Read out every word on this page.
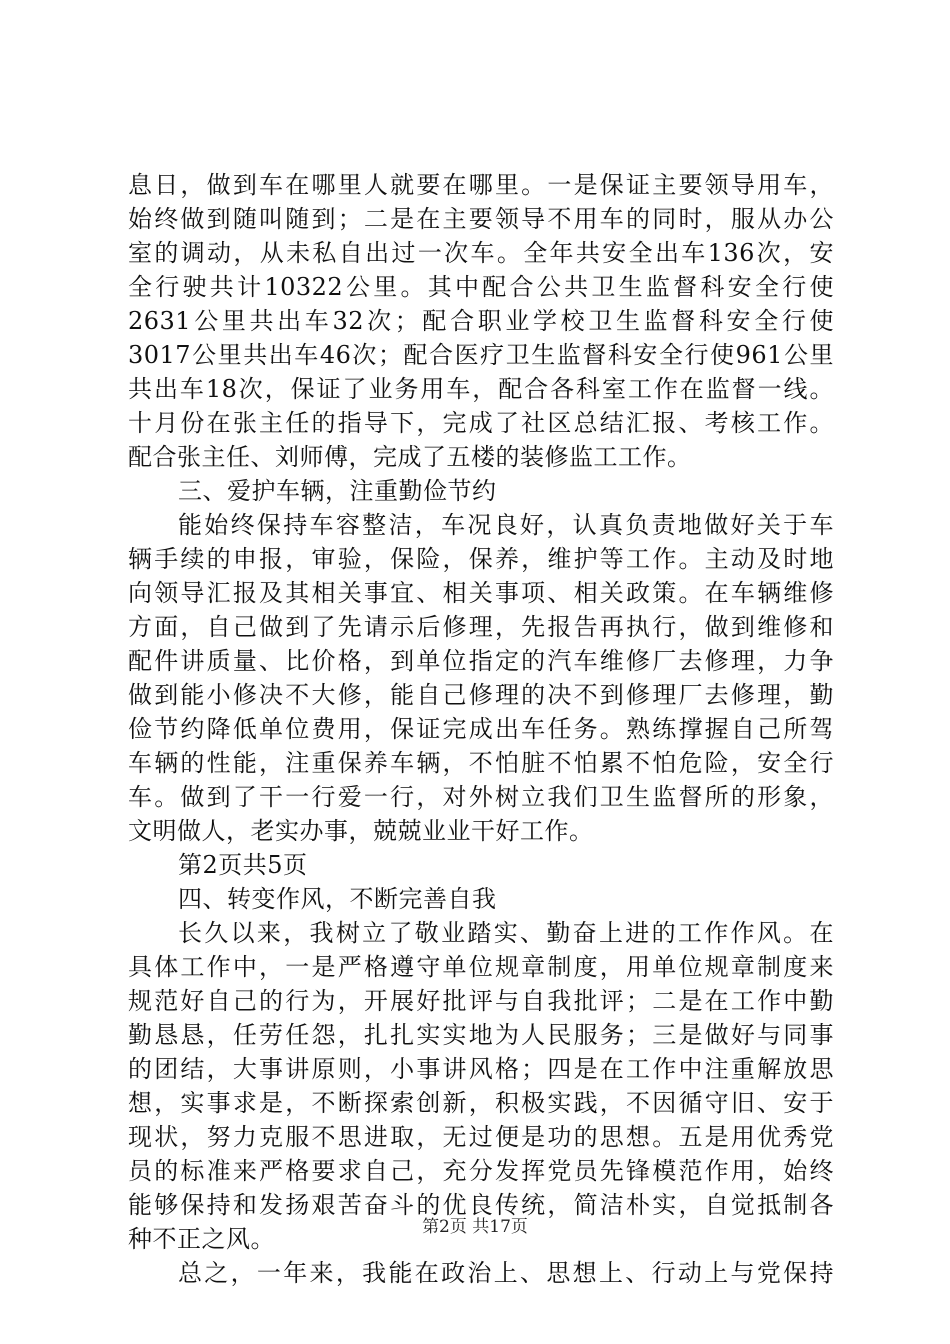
息日，做到车在哪里人就要在哪里。一是保证主要领导用车，
始终做到随叫随到；二是在主要领导不用车的同时，服从办公
室的调动，从未私自出过一次车。全年共安全出车136次，安
全行驶共计10322公里。其中配合公共卫生监督科安全行使
2631公里共出车32次；配合职业学校卫生监督科安全行使
3017公里共出车46次；配合医疗卫生监督科安全行使961公里
共出车18次，保证了业务用车，配合各科室工作在监督一线。
十月份在张主任的指导下，完成了社区总结汇报、考核工作。
配合张主任、刘师傅，完成了五楼的装修监工工作。
三、爱护车辆，注重勤俭节约
能始终保持车容整洁，车况良好，认真负责地做好关于车
辆手续的申报，审验，保险，保养，维护等工作。主动及时地
向领导汇报及其相关事宜、相关事项、相关政策。在车辆维修
方面，自己做到了先请示后修理，先报告再执行，做到维修和
配件讲质量、比价格，到单位指定的汽车维修厂去修理，力争
做到能小修决不大修，能自己修理的决不到修理厂去修理，勤
俭节约降低单位费用，保证完成出车任务。熟练撑握自己所驾
车辆的性能，注重保养车辆，不怕脏不怕累不怕危险，安全行
车。做到了干一行爱一行，对外树立我们卫生监督所的形象，
文明做人，老实办事，兢兢业业干好工作。
第2页共5页
四、转变作风，不断完善自我
长久以来，我树立了敬业踏实、勤奋上进的工作作风。在
具体工作中，一是严格遵守单位规章制度，用单位规章制度来
规范好自己的行为，开展好批评与自我批评；二是在工作中勤
勤恳恳，任劳任怨，扎扎实实地为人民服务；三是做好与同事
的团结，大事讲原则，小事讲风格；四是在工作中注重解放思
想，实事求是，不断探索创新，积极实践，不因循守旧、安于
现状，努力克服不思进取，无过便是功的思想。五是用优秀党
员的标准来严格要求自己，充分发挥党员先锋模范作用，始终
能够保持和发扬艰苦奋斗的优良传统，简洁朴实，自觉抵制各
种不正之风。
总之，一年来，我能在政治上、思想上、行动上与党保持
第2页 共17页
